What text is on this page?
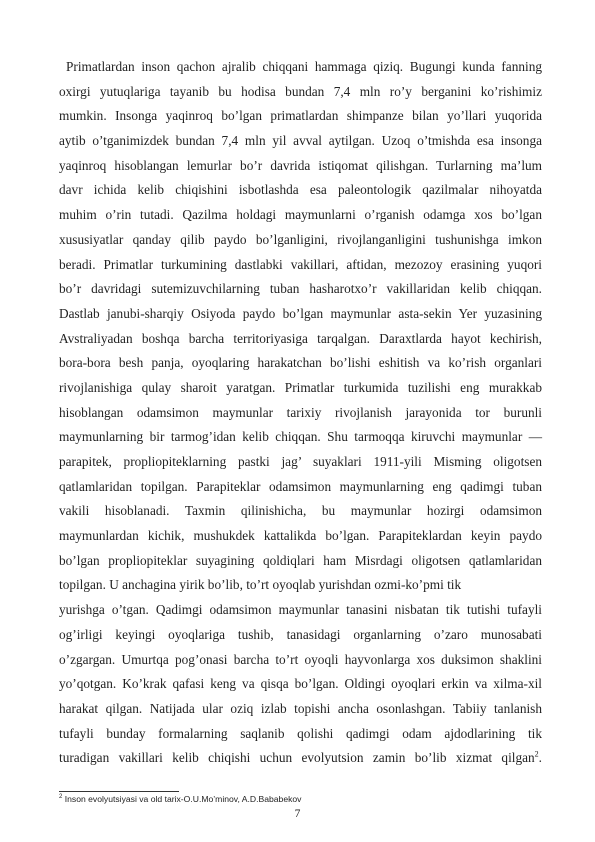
Primatlardan inson qachon ajralib chiqqani hammaga qiziq. Bugungi kunda fanning
oxirgi yutuqlariga tayanib bu hodisa bundan 7,4 mln ro’y berganini ko’rishimiz
mumkin. Insonga yaqinroq bo’lgan primatlardan shimpanze bilan yo’llari yuqorida
aytib o’tganimizdek bundan 7,4 mln yil avval aytilgan. Uzoq o’tmishda esa insonga
yaqinroq hisoblangan lemurlar bo’r davrida istiqomat qilishgan. Turlarning ma’lum
davr ichida kelib chiqishini isbotlashda esa paleontologik qazilmalar nihoyatda
muhim o’rin tutadi. Qazilma holdagi maymunlarni o’rganish odamga xos bo’lgan
xususiyatlar qanday qilib paydo bo’lganligini, rivojlanganligini tushunishga imkon
beradi. Primatlar turkumining dastlabki vakillari, aftidan, mezozoy erasining yuqori
bo’r davridagi sutemizuvchilarning tuban hasharotxo’r vakillaridan kelib chiqqan.
Dastlab janubi-sharqiy Osiyoda paydo bo’lgan maymunlar asta-sekin Yer yuzasining
Avstraliyadan boshqa barcha territoriyasiga tarqalgan. Daraxtlarda hayot kechirish,
bora-bora besh panja, oyoqlaring harakatchan bo’lishi eshitish va ko’rish organlari
rivojlanishiga qulay sharoit yaratgan. Primatlar turkumida tuzilishi eng murakkab
hisoblangan odamsimon maymunlar tarixiy rivojlanish jarayonida tor burunli
maymunlarning bir tarmog’idan kelib chiqqan. Shu tarmoqqa kiruvchi maymunlar —
parapitek, propliopiteklarning pastki jag’ suyaklari 1911-yili Misming oligotsen
qatlamlaridan topilgan. Parapiteklar odamsimon maymunlarning eng qadimgi tuban
vakili hisoblanadi. Taxmin qilinishicha, bu maymunlar hozirgi odamsimon
maymunlardan kichik, mushukdek kattalikda bo’lgan. Parapiteklardan keyin paydo
bo’lgan propliopiteklar suyagining qoldiqlari ham Misrdagi oligotsen qatlamlaridan
topilgan. U anchagina yirik bo’lib, to’rt oyoqlab yurishdan ozmi-ko’pmi tik
yurishga o’tgan. Qadimgi odamsimon maymunlar tanasini nisbatan tik tutishi tufayli
og’irligi keyingi oyoqlariga tushib, tanasidagi organlarning o’zaro munosabati
o’zgargan. Umurtqa pog’onasi barcha to’rt oyoqli hayvonlarga xos duksimon shaklini
yo’qotgan. Ko’krak qafasi keng va qisqa bo’lgan. Oldingi oyoqlari erkin va xilma-xil
harakat qilgan. Natijada ular oziq izlab topishi ancha osonlashgan. Tabiiy tanlanish
tufayli bunday formalarning saqlanib qolishi qadimgi odam ajdodlarining tik
turadigan vakillari kelib chiqishi uchun evolyutsion zamin bo’lib xizmat qilgan$^2$.
$^2$ Inson evolyutsiyasi va old tarix-O.U.Mo’minov, A.D.Bababekov
7
